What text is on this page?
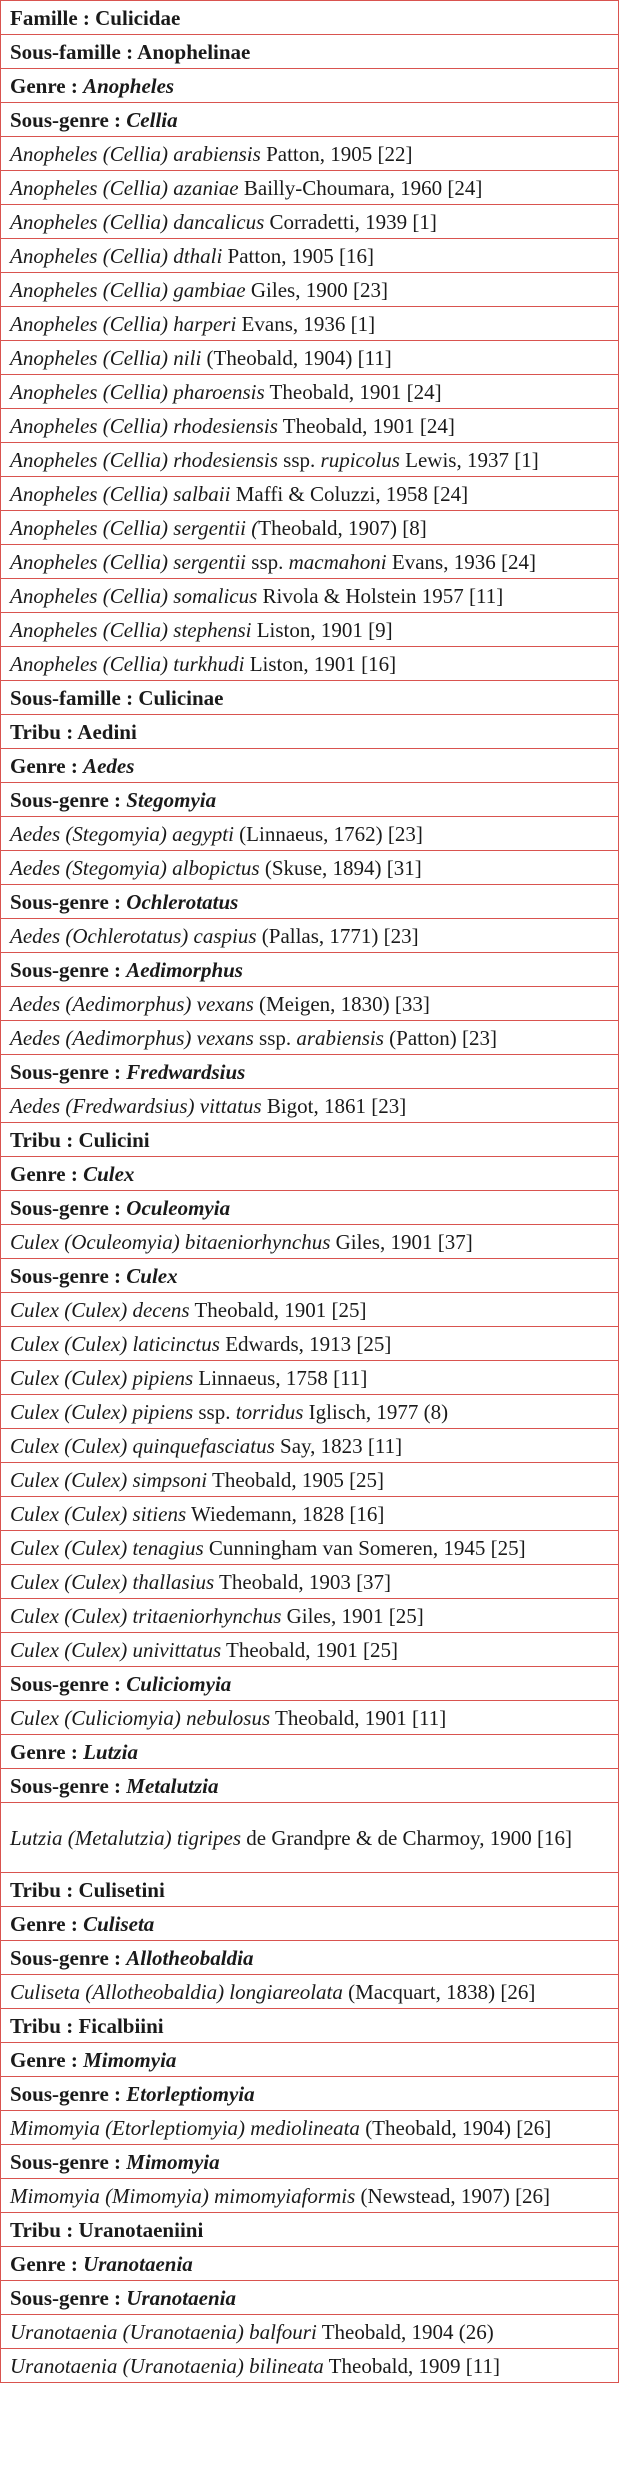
Famille : Culicidae
Sous-famille : Anophelinae
Genre : Anopheles
Sous-genre : Cellia
Anopheles (Cellia) arabiensis Patton, 1905 [22]
Anopheles (Cellia) azaniae Bailly-Choumara, 1960 [24]
Anopheles (Cellia) dancalicus Corradetti, 1939 [1]
Anopheles (Cellia) dthali Patton, 1905 [16]
Anopheles (Cellia) gambiae Giles, 1900 [23]
Anopheles (Cellia) harperi Evans, 1936 [1]
Anopheles (Cellia) nili (Theobald, 1904) [11]
Anopheles (Cellia) pharoensis Theobald, 1901 [24]
Anopheles (Cellia) rhodesiensis Theobald, 1901 [24]
Anopheles (Cellia) rhodesiensis ssp. rupicolus Lewis, 1937 [1]
Anopheles (Cellia) salbaii Maffi & Coluzzi, 1958 [24]
Anopheles (Cellia) sergentii (Theobald, 1907) [8]
Anopheles (Cellia) sergentii ssp. macmahoni Evans, 1936 [24]
Anopheles (Cellia) somalicus Rivola & Holstein 1957 [11]
Anopheles (Cellia) stephensi Liston, 1901 [9]
Anopheles (Cellia) turkhudi Liston, 1901 [16]
Sous-famille : Culicinae
Tribu : Aedini
Genre : Aedes
Sous-genre : Stegomyia
Aedes (Stegomyia) aegypti (Linnaeus, 1762) [23]
Aedes (Stegomyia) albopictus (Skuse, 1894) [31]
Sous-genre : Ochlerotatus
Aedes (Ochlerotatus) caspius (Pallas, 1771) [23]
Sous-genre : Aedimorphus
Aedes (Aedimorphus) vexans (Meigen, 1830) [33]
Aedes (Aedimorphus) vexans ssp. arabiensis (Patton) [23]
Sous-genre : Fredwardsius
Aedes (Fredwardsius) vittatus Bigot, 1861 [23]
Tribu : Culicini
Genre : Culex
Sous-genre : Oculeomyia
Culex (Oculeomyia) bitaeniorhynchus Giles, 1901 [37]
Sous-genre : Culex
Culex (Culex) decens Theobald, 1901 [25]
Culex (Culex) laticinctus Edwards, 1913 [25]
Culex (Culex) pipiens Linnaeus, 1758 [11]
Culex (Culex) pipiens ssp. torridus Iglisch, 1977 (8)
Culex (Culex) quinquefasciatus Say, 1823 [11]
Culex (Culex) simpsoni Theobald, 1905 [25]
Culex (Culex) sitiens Wiedemann, 1828 [16]
Culex (Culex) tenagius Cunningham van Someren, 1945 [25]
Culex (Culex) thallasius Theobald, 1903 [37]
Culex (Culex) tritaeniorhynchus Giles, 1901 [25]
Culex (Culex) univittatus Theobald, 1901 [25]
Sous-genre : Culiciomyia
Culex (Culiciomyia) nebulosus Theobald, 1901 [11]
Genre : Lutzia
Sous-genre : Metalutzia
Lutzia (Metalutzia) tigripes de Grandpre & de Charmoy, 1900 [16]
Tribu : Culisetini
Genre : Culiseta
Sous-genre : Allotheobaldia
Culiseta (Allotheobaldia) longiareolata (Macquart, 1838) [26]
Tribu : Ficalbiini
Genre : Mimomyia
Sous-genre : Etorleptiomyia
Mimomyia (Etorleptiomyia) mediolineata (Theobald, 1904) [26]
Sous-genre : Mimomyia
Mimomyia (Mimomyia) mimomyiaformis (Newstead, 1907) [26]
Tribu : Uranotaeniini
Genre : Uranotaenia
Sous-genre : Uranotaenia
Uranotaenia (Uranotaenia) balfouri Theobald, 1904 (26)
Uranotaenia (Uranotaenia) bilineata Theobald, 1909 [11]
